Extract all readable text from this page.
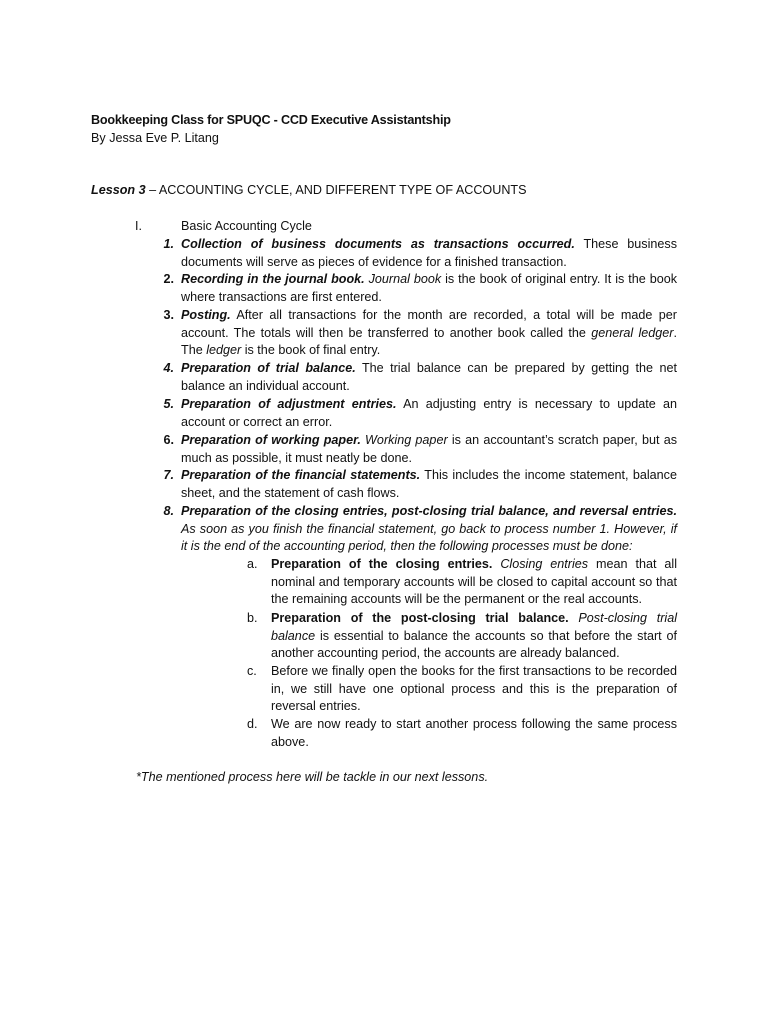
Bookkeeping Class for SPUQC - CCD Executive Assistantship
By Jessa Eve P. Litang
Lesson 3 – ACCOUNTING CYCLE, AND DIFFERENT TYPE OF ACCOUNTS
I.	Basic Accounting Cycle
1. Collection of business documents as transactions occurred. These business documents will serve as pieces of evidence for a finished transaction.
2. Recording in the journal book. Journal book is the book of original entry. It is the book where transactions are first entered.
3. Posting. After all transactions for the month are recorded, a total will be made per account. The totals will then be transferred to another book called the general ledger. The ledger is the book of final entry.
4. Preparation of trial balance. The trial balance can be prepared by getting the net balance an individual account.
5. Preparation of adjustment entries. An adjusting entry is necessary to update an account or correct an error.
6. Preparation of working paper. Working paper is an accountant’s scratch paper, but as much as possible, it must neatly be done.
7. Preparation of the financial statements. This includes the income statement, balance sheet, and the statement of cash flows.
8. Preparation of the closing entries, post-closing trial balance, and reversal entries. As soon as you finish the financial statement, go back to process number 1. However, if it is the end of the accounting period, then the following processes must be done:
a.	Preparation of the closing entries. Closing entries mean that all nominal and temporary accounts will be closed to capital account so that the remaining accounts will be the permanent or the real accounts.
b.	Preparation of the post-closing trial balance. Post-closing trial balance is essential to balance the accounts so that before the start of another accounting period, the accounts are already balanced.
c.	Before we finally open the books for the first transactions to be recorded in, we still have one optional process and this is the preparation of reversal entries.
d.	We are now ready to start another process following the same process above.
*The mentioned process here will be tackle in our next lessons.
